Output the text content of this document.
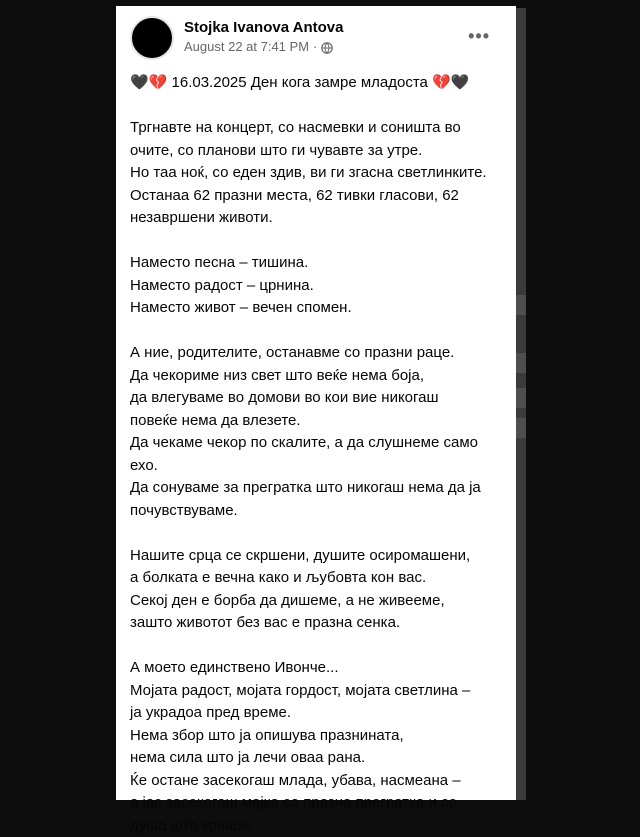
Stojka Ivanova Antova
August 22 at 7:41 PM ·
•••
🖤💔 16.03.2025 Ден кога замре младоста 💔🖤

Тргнавте на концерт, со насмевки и соништа во
очите, со планови што ги чувавте за утре.
Но таа ноќ, со еден здив, ви ги згасна светлинките.
Останаа 62 празни места, 62 тивки гласови, 62
незавршени животи.

Наместо песна – тишина.
Наместо радост – црнина.
Наместо живот – вечен спомен.

А ние, родителите, останавме со празни раце.
Да чекориме низ свет што веќе нема боја,
да влегуваме во домови во кои вие никогаш
повеќе нема да влезете.
Да чекаме чекор по скалите, а да слушнеме само
ехо.
Да сонуваме за прегратка што никогаш нема да ја
почувствуваме.

Нашите срца се скршени, душите осиромашени,
а болката е вечна како и љубовта кон вас.
Секој ден е борба да дишеме, а не живееме,
зашто животот без вас е празна сенка.

А моето единствено Ивонче...
Мојата радост, мојата гордост, мојата светлина –
ја украдоа пред време.
Нема збор што ја опишува празнината,
нема сила што ја лечи оваа рана.
Ќе остане засекогаш млада, убава, насмеана –
а јас засекогаш мајка со празна прегратка и со
душа што крвари.
